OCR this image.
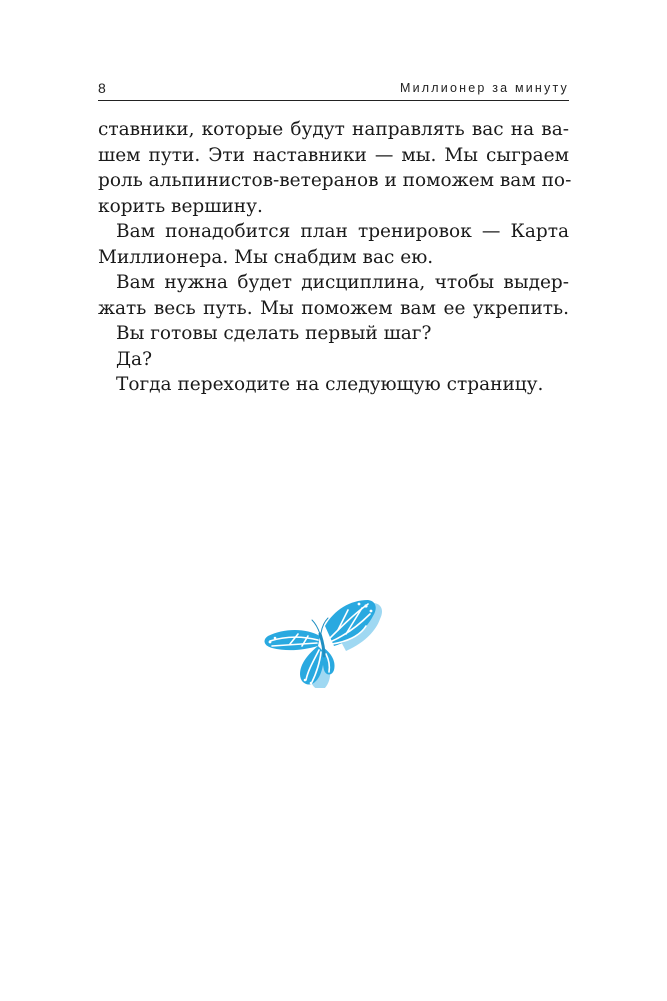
8	Миллионер за минуту
ставники, которые будут направлять вас на ва-
шем пути. Эти наставники — мы. Мы сыграем
роль альпинистов-ветеранов и поможем вам по-
корить вершину.
Вам понадобится план тренировок — Карта
Миллионера. Мы снабдим вас ею.
Вам нужна будет дисциплина, чтобы выдер-
жать весь путь. Мы поможем вам ее укрепить.
Вы готовы сделать первый шаг?
Да?
Тогда переходите на следующую страницу.
